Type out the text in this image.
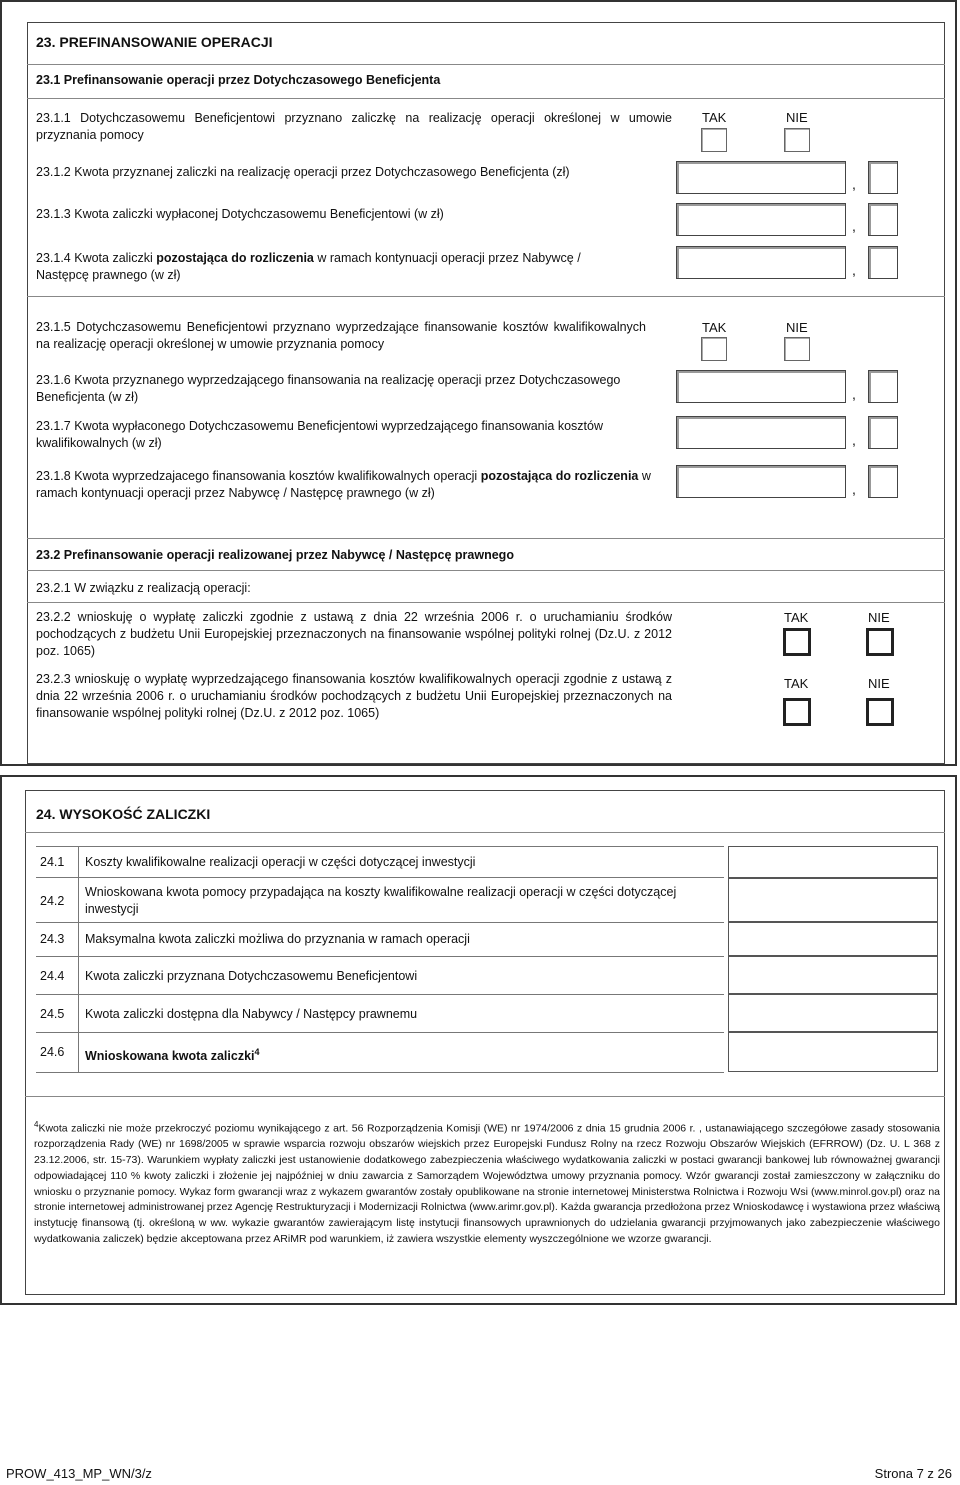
23. PREFINANSOWANIE OPERACJI
23.1 Prefinansowanie operacji przez Dotychczasowego Beneficjenta
23.1.1 Dotychczasowemu Beneficjentowi przyznano zaliczkę na realizację operacji określonej w umowie przyznania pomocy
TAK	NIE
23.1.2 Kwota przyznanej zaliczki na realizację operacji przez Dotychczasowego Beneficjenta (zł)
,
23.1.3 Kwota zaliczki wypłaconej Dotychczasowemu Beneficjentowi (w zł)
,
23.1.4 Kwota zaliczki pozostająca do rozliczenia w ramach kontynuacji operacji przez Nabywcę / Następcę prawnego (w zł)	,
23.1.5 Dotychczasowemu Beneficjentowi przyznano wyprzedzające finansowanie kosztów kwalifikowalnych na realizację operacji określonej w umowie przyznania pomocy
TAK	NIE
23.1.6 Kwota przyznanego wyprzedzającego finansowania na realizację operacji przez Dotychczasowego Beneficjenta (w zł)	,
23.1.7 Kwota wypłaconego Dotychczasowemu Beneficjentowi wyprzedzającego finansowania kosztów kwalifikowalnych (w zł)	,
23.1.8 Kwota wyprzedzajacego finansowania kosztów kwalifikowalnych operacji pozostająca do rozliczenia w ramach kontynuacji operacji przez Nabywcę / Następcę prawnego (w zł)	,
23.2 Prefinansowanie operacji realizowanej przez Nabywcę / Następcę prawnego
23.2.1 W związku z realizacją operacji:
23.2.2 wnioskuję o wypłatę zaliczki zgodnie z ustawą z dnia 22 września 2006 r. o uruchamianiu środków pochodzących z budżetu Unii Europejskiej przeznaczonych na finansowanie wspólnej polityki rolnej (Dz.U. z 2012 poz. 1065)
TAK	NIE
23.2.3 wnioskuję o wypłatę wyprzedzającego finansowania kosztów kwalifikowalnych operacji zgodnie z ustawą z dnia 22 września 2006 r. o uruchamianiu środków pochodzących z budżetu Unii Europejskiej przeznaczonych na finansowanie wspólnej polityki rolnej (Dz.U. z 2012 poz. 1065)
TAK	NIE
24. WYSOKOŚĆ ZALICZKI
24.1 Koszty kwalifikowalne realizacji operacji w części dotyczącej inwestycji
24.2
Wnioskowana kwota pomocy przypadająca na koszty kwalifikowalne realizacji operacji w części dotyczącej inwestycji
24.3 Maksymalna kwota zaliczki możliwa do przyznania w ramach operacji
24.4 Kwota zaliczki przyznana Dotychczasowemu Beneficjentowi
24.5 Kwota zaliczki dostępna dla Nabywcy / Następcy prawnemu
24.6 Wnioskowana kwota zaliczki$^4$
$^4$Kwota zaliczki nie może przekroczyć poziomu wynikającego z art. 56 Rozporządzenia Komisji (WE) nr 1974/2006 z dnia 15 grudnia 2006 r. , ustanawiającego szczegółowe zasady stosowania rozporządzenia Rady (WE) nr 1698/2005 w sprawie wsparcia rozwoju obszarów wiejskich przez Europejski Fundusz Rolny na rzecz Rozwoju Obszarów Wiejskich (EFRROW) (Dz. U. L 368 z 23.12.2006, str. 15-73). Warunkiem wypłaty zaliczki jest ustanowienie dodatkowego zabezpieczenia właściwego wydatkowania zaliczki w postaci gwarancji bankowej lub równoważnej gwarancji odpowiadającej 110 % kwoty zaliczki i złożenie jej najpóźniej w dniu zawarcia z Samorządem Województwa umowy przyznania pomocy. Wzór gwarancji został zamieszczony w załączniku do wniosku o przyznanie pomocy. Wykaz form gwarancji wraz z wykazem gwarantów zostały opublikowane na stronie internetowej Ministerstwa Rolnictwa i Rozwoju Wsi (www.minrol.gov.pl) oraz na stronie internetowej administrowanej przez Agencję Restrukturyzacji i Modernizacji Rolnictwa (www.arimr.gov.pl). Każda gwarancja przedłożona przez Wnioskodawcę i wystawiona przez właściwą instytucję finansową (tj. określoną w ww. wykazie gwarantów zawierającym listę instytucji finansowych uprawnionych do udzielania gwarancji przyjmowanych jako zabezpieczenie właściwego wydatkowania zaliczek) będzie akceptowana przez ARiMR pod warunkiem, iż zawiera wszystkie elementy wyszczególnione we wzorze gwarancji.
PROW_413_MP_WN/3/z	Strona 7 z 26
